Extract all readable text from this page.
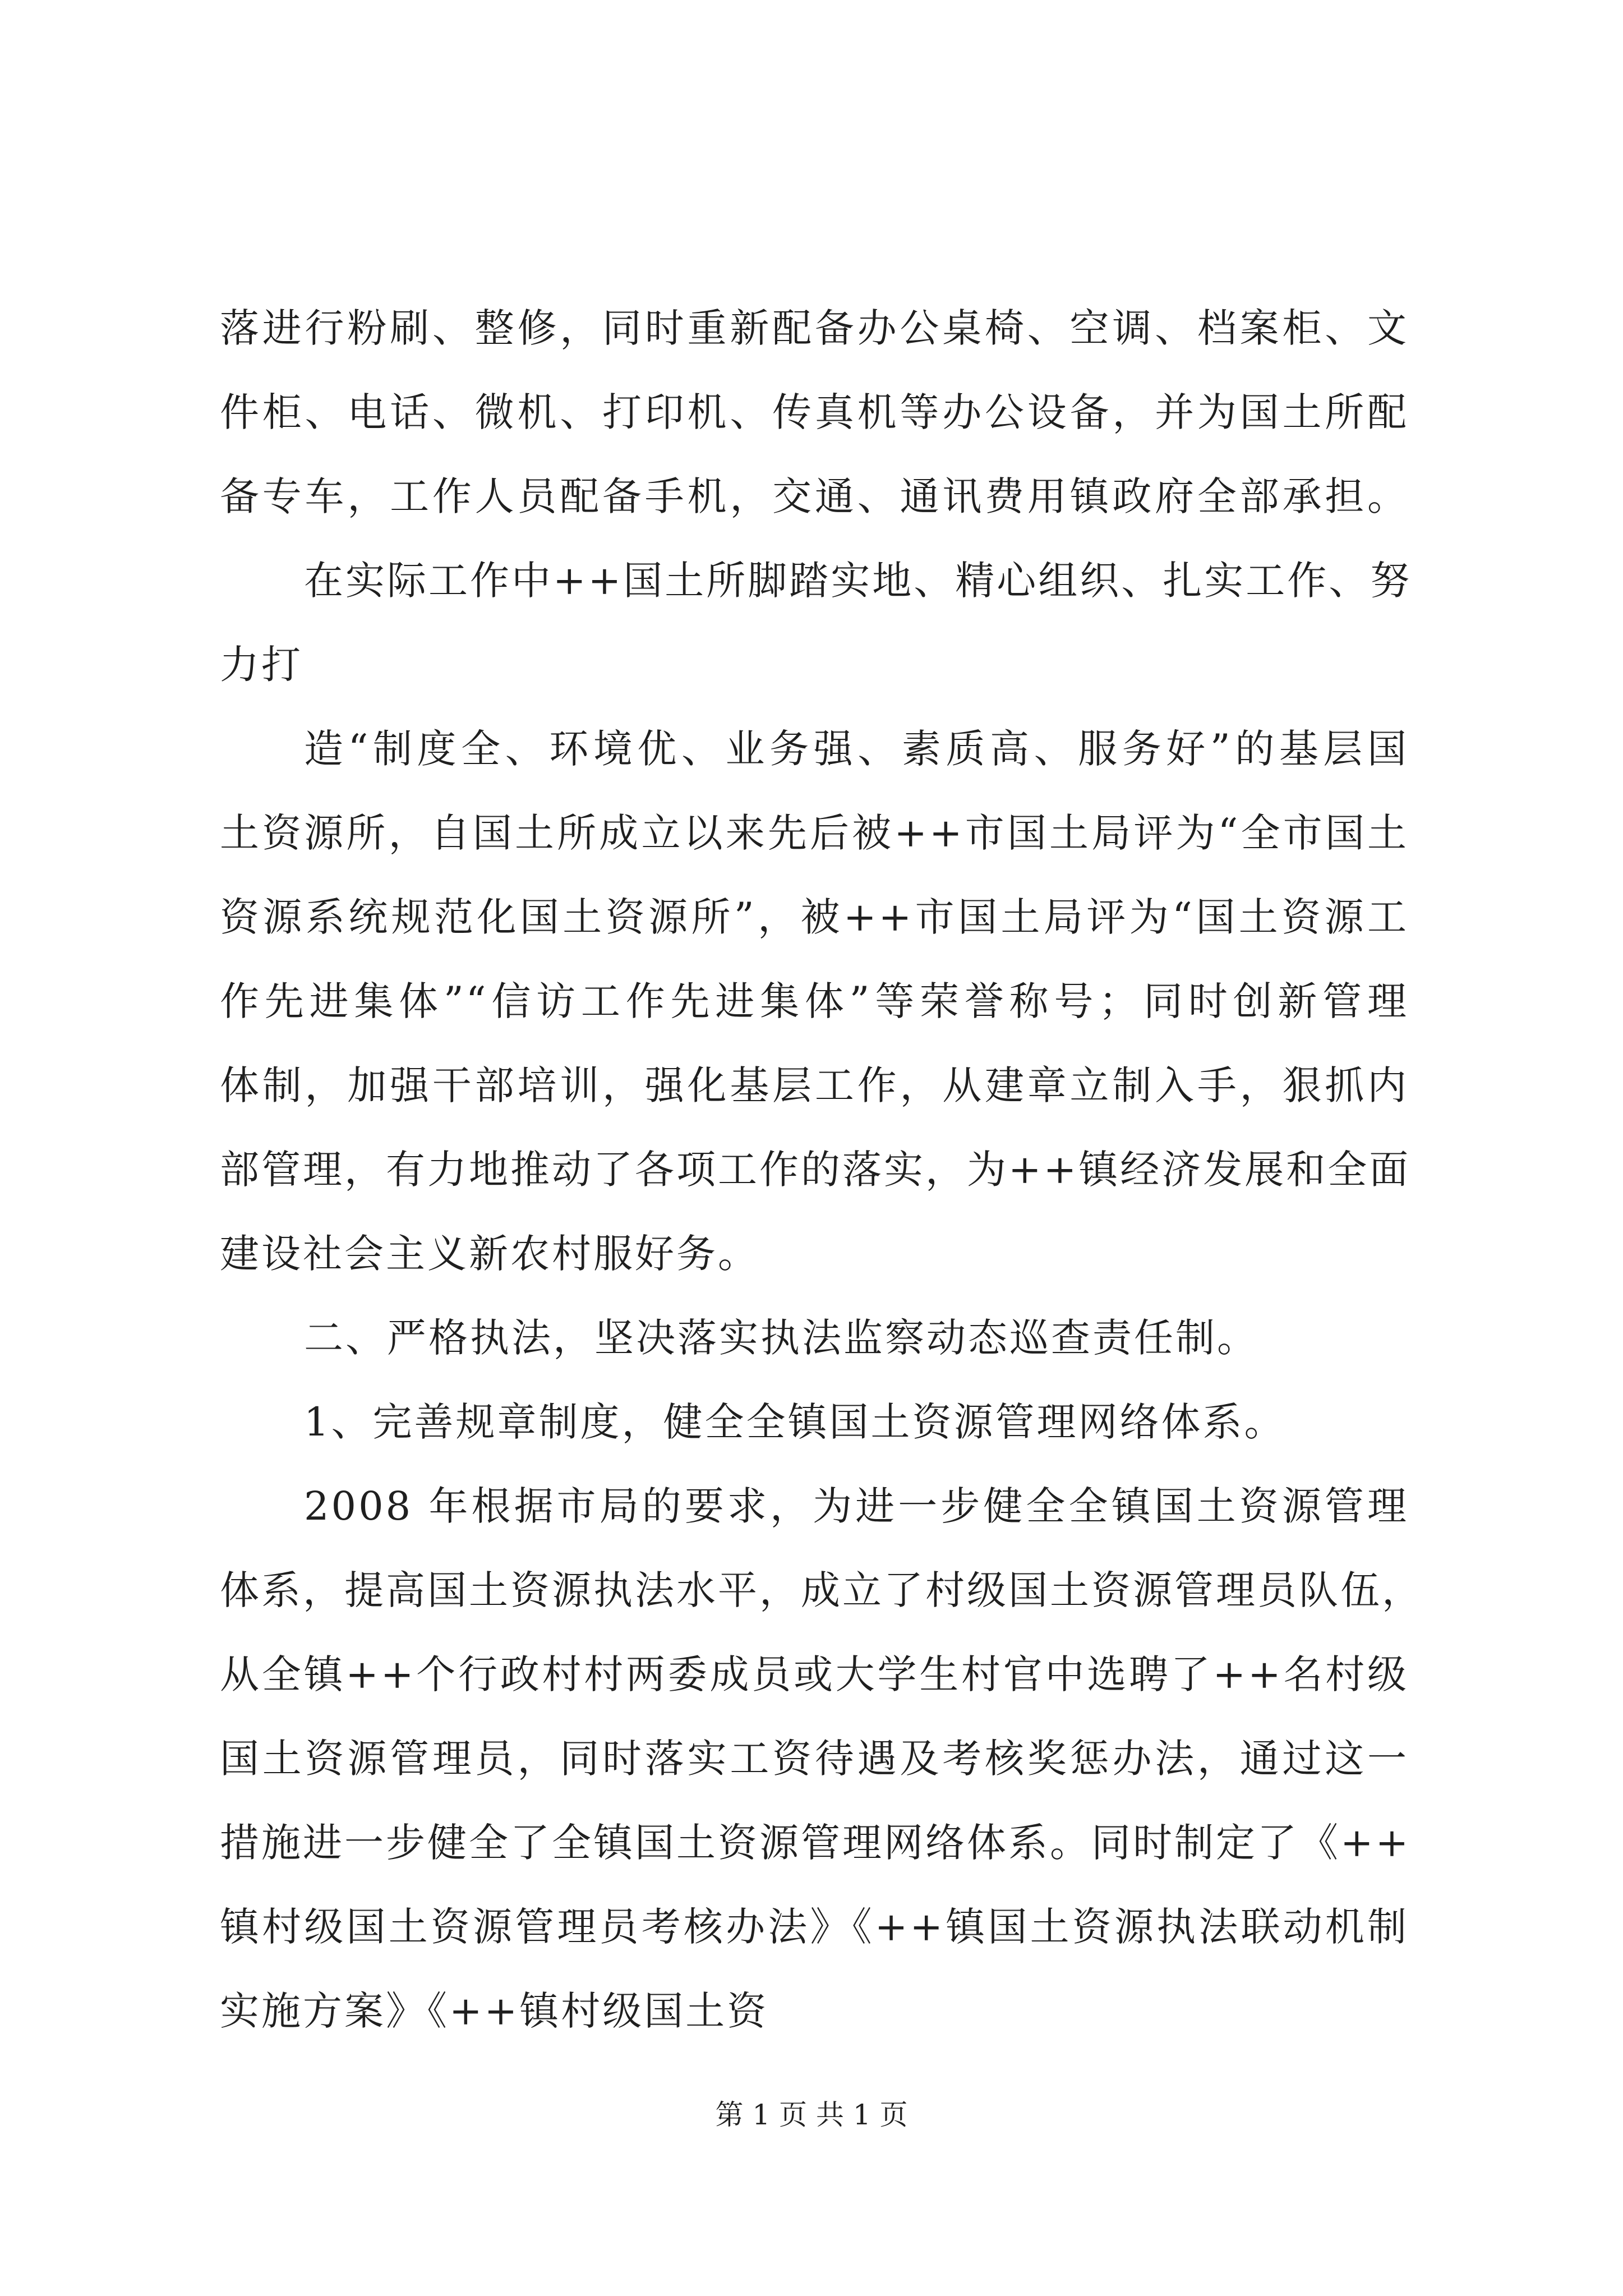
落进行粉刷、整修，同时重新配备办公桌椅、空调、档案柜、文
件柜、电话、微机、打印机、传真机等办公设备，并为国土所配
备专车，工作人员配备手机，交通、通讯费用镇政府全部承担。
在实际工作中++国土所脚踏实地、精心组织、扎实工作、努
力打
造“制度全、环境优、业务强、素质高、服务好”的基层国
土资源所，自国土所成立以来先后被++市国土局评为“全市国土
资源系统规范化国土资源所”，被++市国土局评为“国土资源工
作先进集体”“信访工作先进集体”等荣誉称号；同时创新管理
体制，加强干部培训，强化基层工作，从建章立制入手，狠抓内
部管理，有力地推动了各项工作的落实，为++镇经济发展和全面
建设社会主义新农村服好务。
二、严格执法，坚决落实执法监察动态巡查责任制。
1、完善规章制度，健全全镇国土资源管理网络体系。
2008 年根据市局的要求，为进一步健全全镇国土资源管理
体系，提高国土资源执法水平，成立了村级国土资源管理员队伍，
从全镇++个行政村村两委成员或大学生村官中选聘了++名村级
国土资源管理员，同时落实工资待遇及考核奖惩办法，通过这一
措施进一步健全了全镇国土资源管理网络体系。同时制定了《++
镇村级国土资源管理员考核办法》《++镇国土资源执法联动机制
实施方案》《++镇村级国土资
第 1 页 共 1 页
